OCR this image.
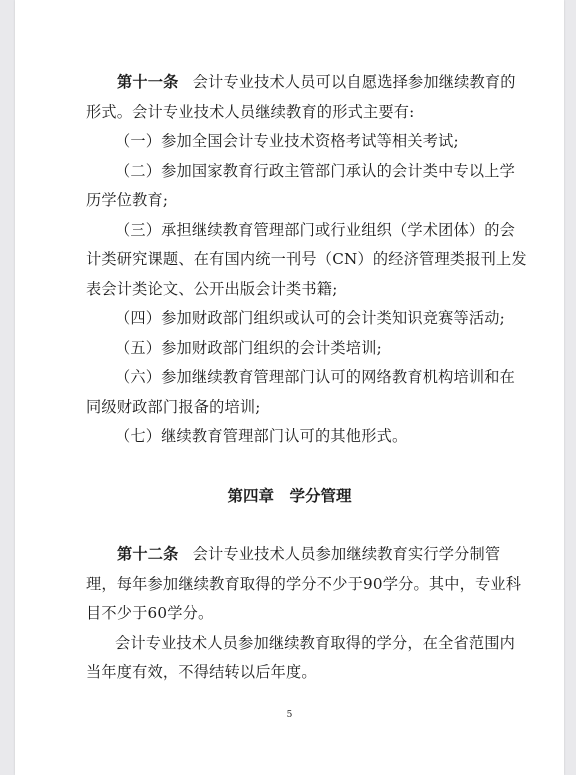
第十一条 会计专业技术人员可以自愿选择参加继续教育的
形式。会计专业技术人员继续教育的形式主要有:
（一）参加全国会计专业技术资格考试等相关考试;
（二）参加国家教育行政主管部门承认的会计类中专以上学
历学位教育;
（三）承担继续教育管理部门或行业组织（学术团体）的会
计类研究课题、在有国内统一刊号（CN）的经济管理类报刊上发
表会计类论文、公开出版会计类书籍;
（四）参加财政部门组织或认可的会计类知识竞赛等活动;
（五）参加财政部门组织的会计类培训;
（六）参加继续教育管理部门认可的网络教育机构培训和在
同级财政部门报备的培训;
（七）继续教育管理部门认可的其他形式。
第四章　学分管理
第十二条 会计专业技术人员参加继续教育实行学分制管
理，每年参加继续教育取得的学分不少于90学分。其中，专业科
目不少于60学分。
会计专业技术人员参加继续教育取得的学分，在全省范围内
当年度有效，不得结转以后年度。
5
